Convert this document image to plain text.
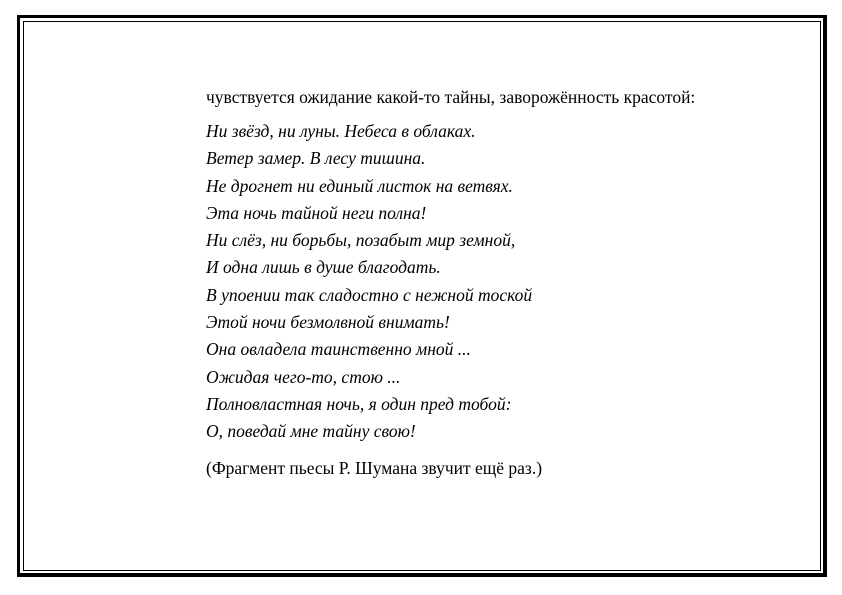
чувствуется ожидание какой-то тайны, заворожённость красотой:

Ни звёзд, ни луны. Небеса в облаках.
Ветер замер. В лесу тишина.
Не дрогнет ни единый листок на ветвях.
Эта ночь тайной неги полна!
Ни слёз, ни борьбы, позабыт мир земной,
И одна лишь в душе благодать.
В упоении так сладостно с нежной тоской
Этой ночи безмолвной внимать!
Она овладела таинственно мной ...
Ожидая чего-то, стою ...
Полновластная ночь, я один пред тобой:
О, поведай мне тайну свою!

(Фрагмент пьесы Р. Шумана звучит ещё раз.)
